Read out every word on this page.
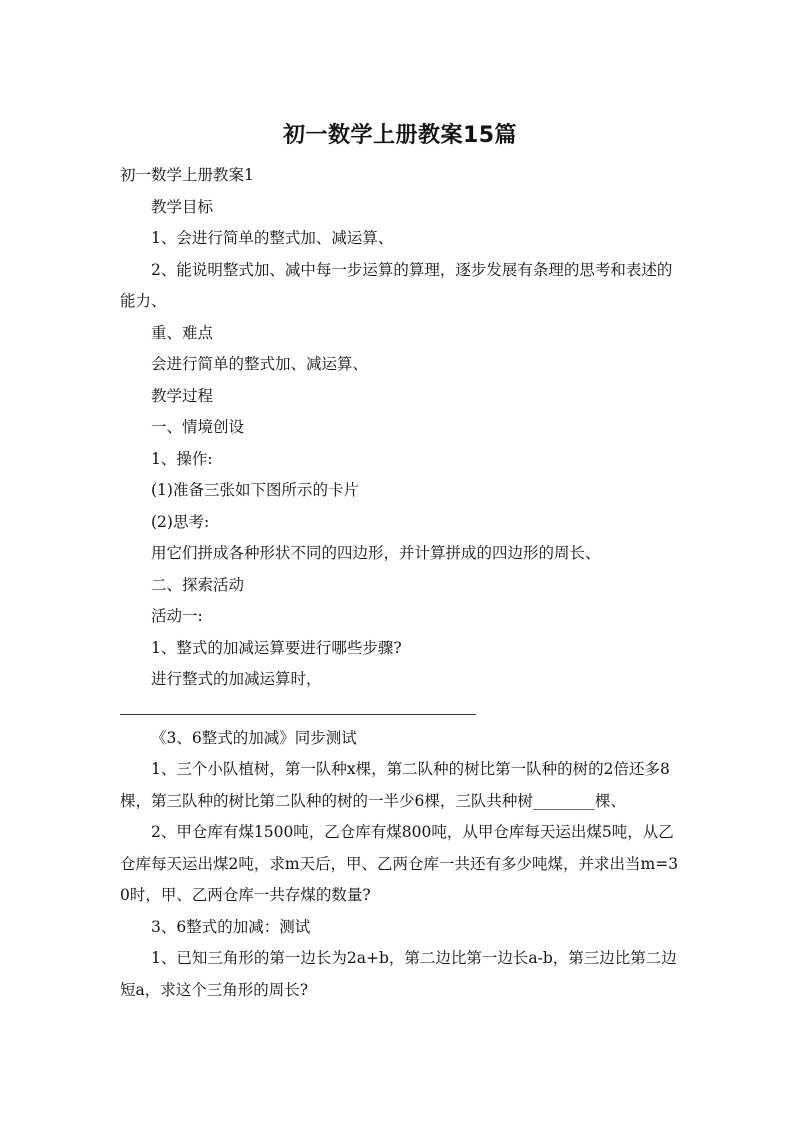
初一数学上册教案15篇

初一数学上册教案1

教学目标

1、会进行简单的整式加、减运算、

2、能说明整式加、减中每一步运算的算理，逐步发展有条理的思考和表述的能力、

重、难点

会进行简单的整式加、减运算、

教学过程

一、情境创设

1、操作:

(1)准备三张如下图所示的卡片

(2)思考:

用它们拼成各种形状不同的四边形，并计算拼成的四边形的周长、

二、探索活动

活动一:

1、整式的加减运算要进行哪些步骤?

进行整式的加减运算时，

《3、6整式的加减》同步测试

1、三个小队植树，第一队种x棵，第二队种的树比第一队种的树的2倍还多8棵，第三队种的树比第二队种的树的一半少6棵，三队共种树________棵、

2、甲仓库有煤1500吨，乙仓库有煤800吨，从甲仓库每天运出煤5吨，从乙仓库每天运出煤2吨，求m天后，甲、乙两仓库一共还有多少吨煤，并求出当m=30时，甲、乙两仓库一共存煤的数量?

3、6整式的加减：测试

1、已知三角形的第一边长为2a+b，第二边比第一边长a-b，第三边比第二边短a，求这个三角形的周长?
